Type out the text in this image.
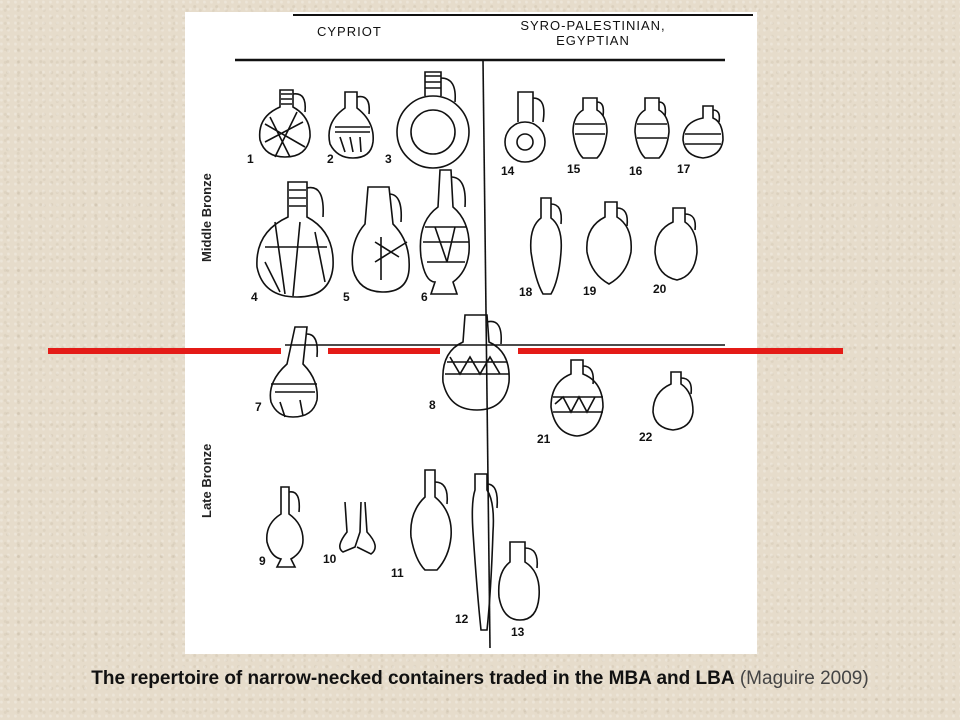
CYPRIOT	SYRO-PALESTINIAN,
EGYPTIAN
Middle Bronze
Late Bronze
1	2	3
4	5	6
7	8
9	10
11
12
13
14	15	16	17
18	19	20
21	22
The repertoire of narrow-necked containers traded in the MBA and LBA (Maguire 2009)
